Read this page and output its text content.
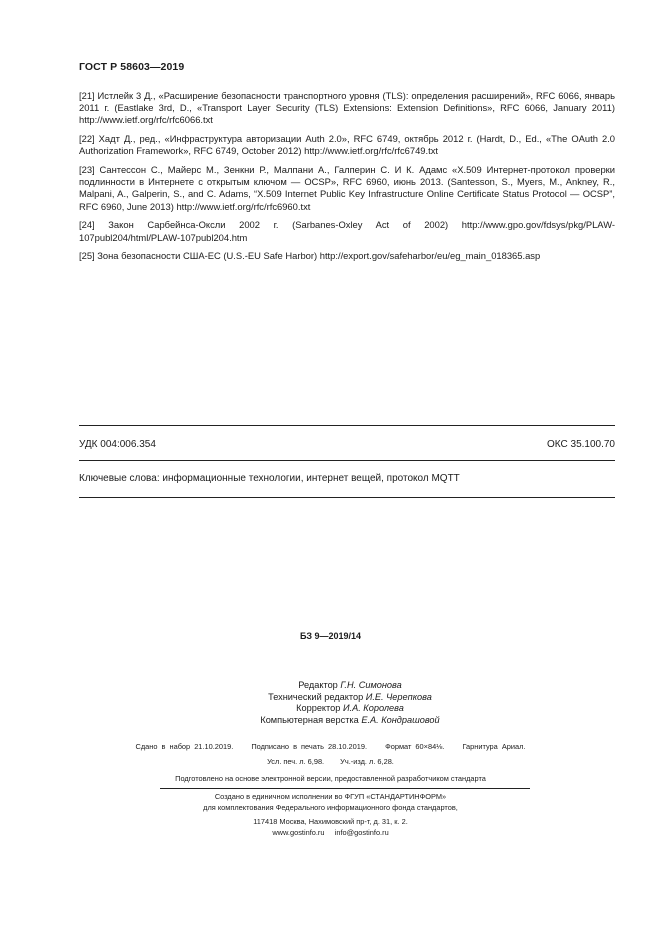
ГОСТ Р 58603—2019
[21] Истлейк 3 Д., «Расширение безопасности транспортного уровня (TLS): определения расширений», RFC 6066, январь 2011 г. (Eastlake 3rd, D., «Transport Layer Security (TLS) Extensions: Extension Definitions», RFC 6066, January 2011) http://www.ietf.org/rfc/rfc6066.txt
[22] Хадт Д., ред., «Инфраструктура авторизации Auth 2.0», RFC 6749, октябрь 2012 г. (Hardt, D., Ed., «The OAuth 2.0 Authorization Framework», RFC 6749, October 2012) http://www.ietf.org/rfc/rfc6749.txt
[23] Сантессон С., Майерс М., Зенкни Р., Малпани А., Галперин С. И К. Адамс «X.509 Интернет-протокол проверки подлинности в Интернете с открытым ключом — OCSP», RFC 6960, июнь 2013. (Santesson, S., Myers, M., Ankney, R., Malpani, A., Galperin, S., and C. Adams, “X.509 Internet Public Key Infrastructure Online Certificate Status Protocol — OCSP”, RFC 6960, June 2013) http://www.ietf.org/rfc/rfc6960.txt
[24] Закон Сарбейнса-Оксли 2002 г. (Sarbanes-Oxley Act of 2002) http://www.gpo.gov/fdsys/pkg/PLAW-107publ204/html/PLAW-107publ204.htm
[25] Зона безопасности США-ЕС (U.S.-EU Safe Harbor) http://export.gov/safeharbor/eu/eg_main_018365.asp
УДК 004:006.354	ОКС 35.100.70
Ключевые слова: информационные технологии, интернет вещей, протокол MQTT
БЗ 9—2019/14
Редактор Г.Н. Симонова
Технический редактор И.Е. Черепкова
Корректор И.А. Королева
Компьютерная верстка Е.А. Кондрашовой
Сдано в набор 21.10.2019. Подписано в печать 28.10.2019. Формат 60×84⅛. Гарнитура Ариал.
Усл. печ. л. 6,98. Уч.-изд. л. 6,28.
Подготовлено на основе электронной версии, предоставленной разработчиком стандарта
Создано в единичном исполнении во ФГУП «СТАНДАРТИНФОРМ»
для комплектования Федерального информационного фонда стандартов,
117418 Москва, Нахимовский пр-т, д. 31, к. 2.
www.gostinfo.ru     info@gostinfo.ru
